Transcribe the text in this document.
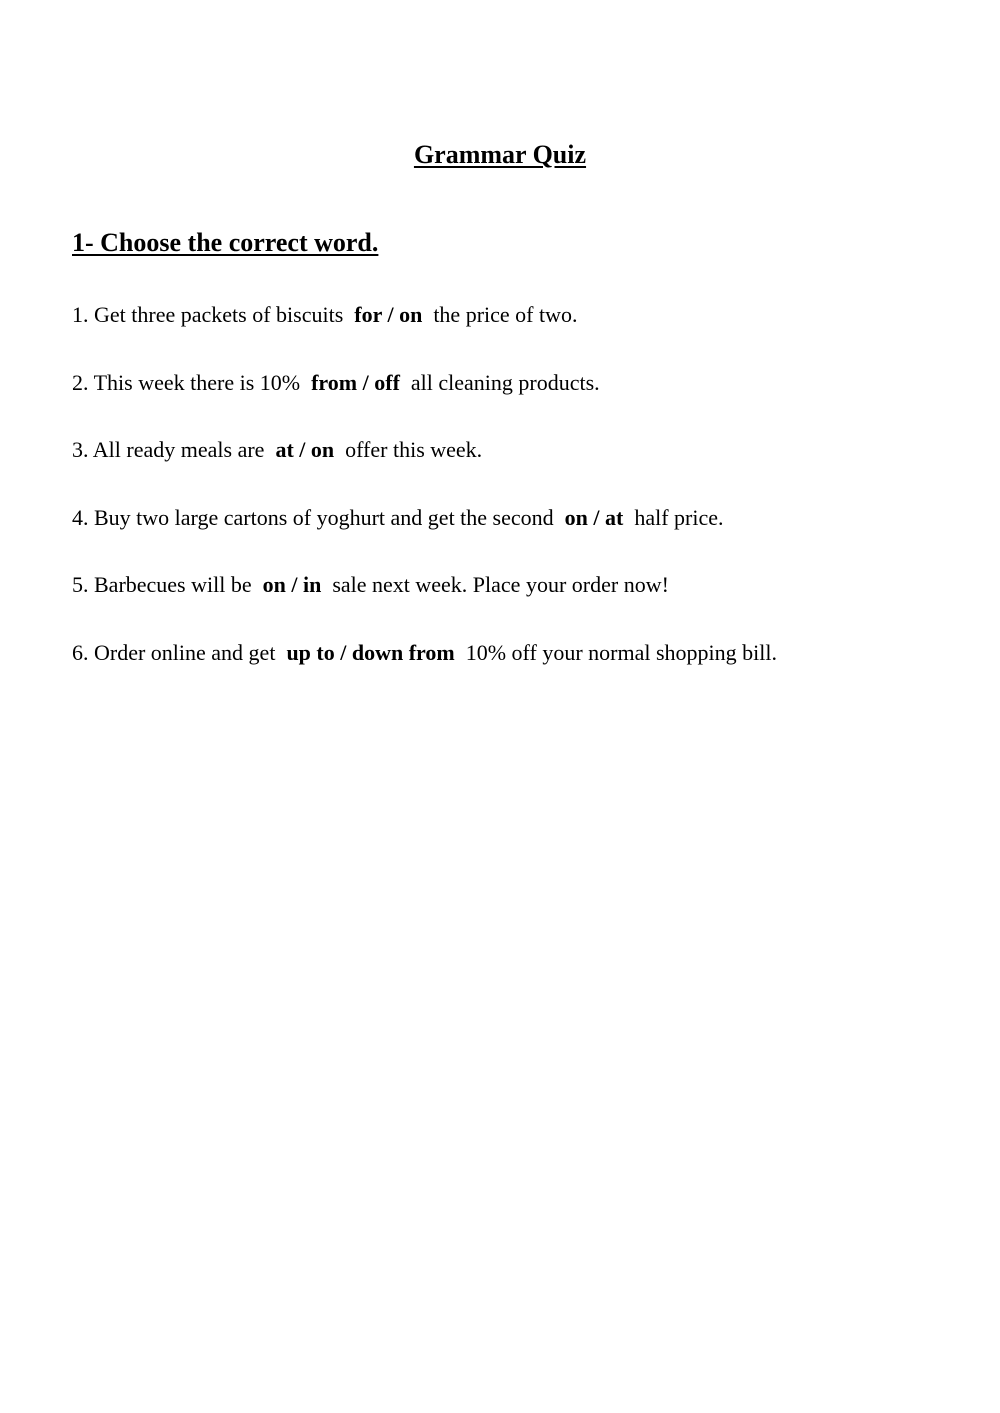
Grammar Quiz
1- Choose the correct word.
1. Get three packets of biscuits  for / on  the price of two.
2. This week there is 10%  from / off  all cleaning products.
3. All ready meals are  at / on  offer this week.
4. Buy two large cartons of yoghurt and get the second  on / at  half price.
5. Barbecues will be  on / in  sale next week. Place your order now!
6. Order online and get  up to / down from  10% off your normal shopping bill.
